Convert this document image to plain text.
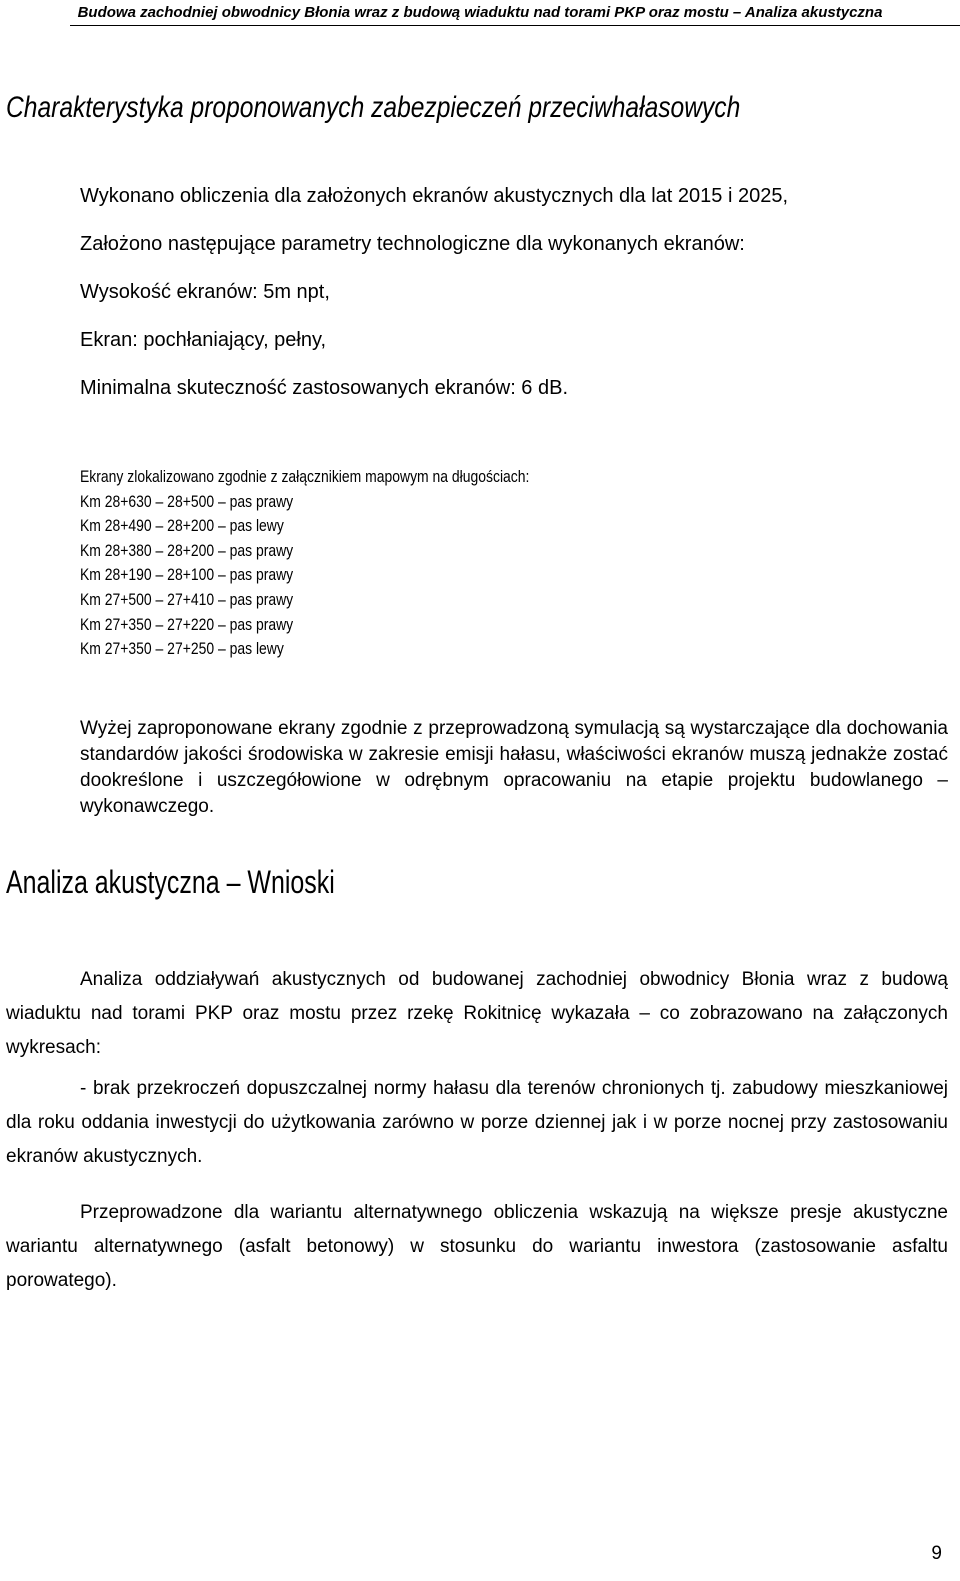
Budowa zachodniej obwodnicy Błonia wraz z budową wiaduktu nad torami PKP oraz mostu – Analiza akustyczna
Charakterystyka proponowanych zabezpieczeń przeciwhałasowych
Wykonano obliczenia dla założonych ekranów akustycznych dla lat 2015 i 2025,
Założono następujące parametry technologiczne dla wykonanych ekranów:
Wysokość ekranów: 5m npt,
Ekran: pochłaniający, pełny,
Minimalna skuteczność zastosowanych ekranów: 6 dB.
Ekrany zlokalizowano zgodnie z załącznikiem mapowym na długościach:
Km 28+630 – 28+500 – pas prawy
Km 28+490 – 28+200 – pas lewy
Km 28+380 – 28+200 – pas prawy
Km 28+190 – 28+100 – pas prawy
Km 27+500 – 27+410 – pas prawy
Km 27+350 – 27+220 – pas prawy
Km 27+350 – 27+250 – pas lewy

Wyżej zaproponowane ekrany zgodnie z przeprowadzoną symulacją są wystarczające dla dochowania standardów jakości środowiska w zakresie emisji hałasu, właściwości ekranów muszą jednakże zostać dookreślone i uszczegółowione w odrębnym opracowaniu na etapie projektu budowlanego – wykonawczego.

Analiza akustyczna – Wnioski

Analiza oddziaływań akustycznych od budowanej zachodniej obwodnicy Błonia wraz z budową wiaduktu nad torami PKP oraz mostu przez rzekę Rokitnicę wykazała – co zobrazowano na załączonych wykresach:

- brak przekroczeń dopuszczalnej normy hałasu dla terenów chronionych tj. zabudowy mieszkaniowej dla roku oddania inwestycji do użytkowania zarówno w porze dziennej jak i w porze nocnej przy zastosowaniu ekranów akustycznych.

Przeprowadzone dla wariantu alternatywnego obliczenia wskazują na większe presje akustyczne wariantu alternatywnego (asfalt betonowy) w stosunku do wariantu inwestora (zastosowanie asfaltu porowatego).

9
